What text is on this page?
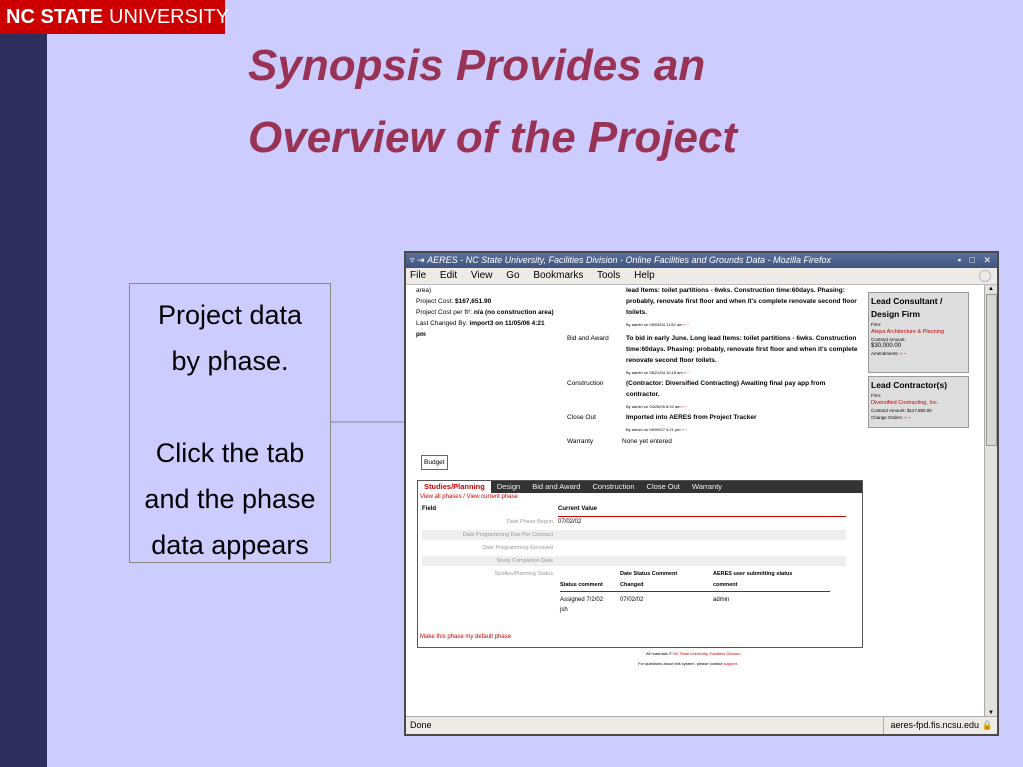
NC STATE UNIVERSITY
Synopsis Provides an
Overview of the Project
Project data
by phase.
Click the tab
and the phase
data appears
▿ ⇥ AERES - NC State University, Facilities Division - Online Facilities and Grounds Data - Mozilla Firefox	▪ □ ✕
File Edit View Go Bookmarks Tools Help
area)
Project Cost: $167,651.90
Project Cost per ft²: n/a (no construction area)
Last Changed By: import3 on 11/05/06 4:21
pm
lead Items: toilet partitions - 6wks. Construction time:60days. Phasing:
probably, renovate first floor and when it's complete renovate second floor
toilets.
By admin on 05/03/04 11:52 am » ~
Bid and Award	To bid in early June. Long lead Items: toilet partitions - 6wks. Construction
time:60days. Phasing: probably, renovate first floor and when it's complete
renovate second floor toilets.
By admin on 05/21/04 10:18 am » ~
Construction	(Contractor: Diversified Contracting) Awaiting final pay app from
contractor.
By admin on 04/26/05 8:20 am » ~
Close Out	Imported into AERES from Project Tracker
By admin on 06/09/07 4:21 pm » ~
Warranty	None yet entered
Lead Consultant /
Design Firm
Firm:
Atepa Architecture & Planning
Contract Amount:
$30,000.00
Amendments: » ~
Lead Contractor(s)
Firm:
Diversified Contracting, Inc.
Contract Amount: $117,880.00
Change Orders: » ~
Budget
Studies/Planning	Design	Bid and Award	Construction	Close Out	Warranty
View all phases / View current phase
Field	Current Value
Date Phase Begun 07/02/02
Date Programming Due Per Contract
Date Programming Received
Study Completion Date
Studies/Planning Status	Date Status Comment	AERES user submitting status
Status comment	Changed	comment
Assigned 7/2/02
jsh
07/02/02	admin
Make this phase my default phase
All materials © NC State University, Facilities Division.
For questions about this system, please contact support.
▲
▼
Done	aeres-fpd.fis.ncsu.edu 🔒
